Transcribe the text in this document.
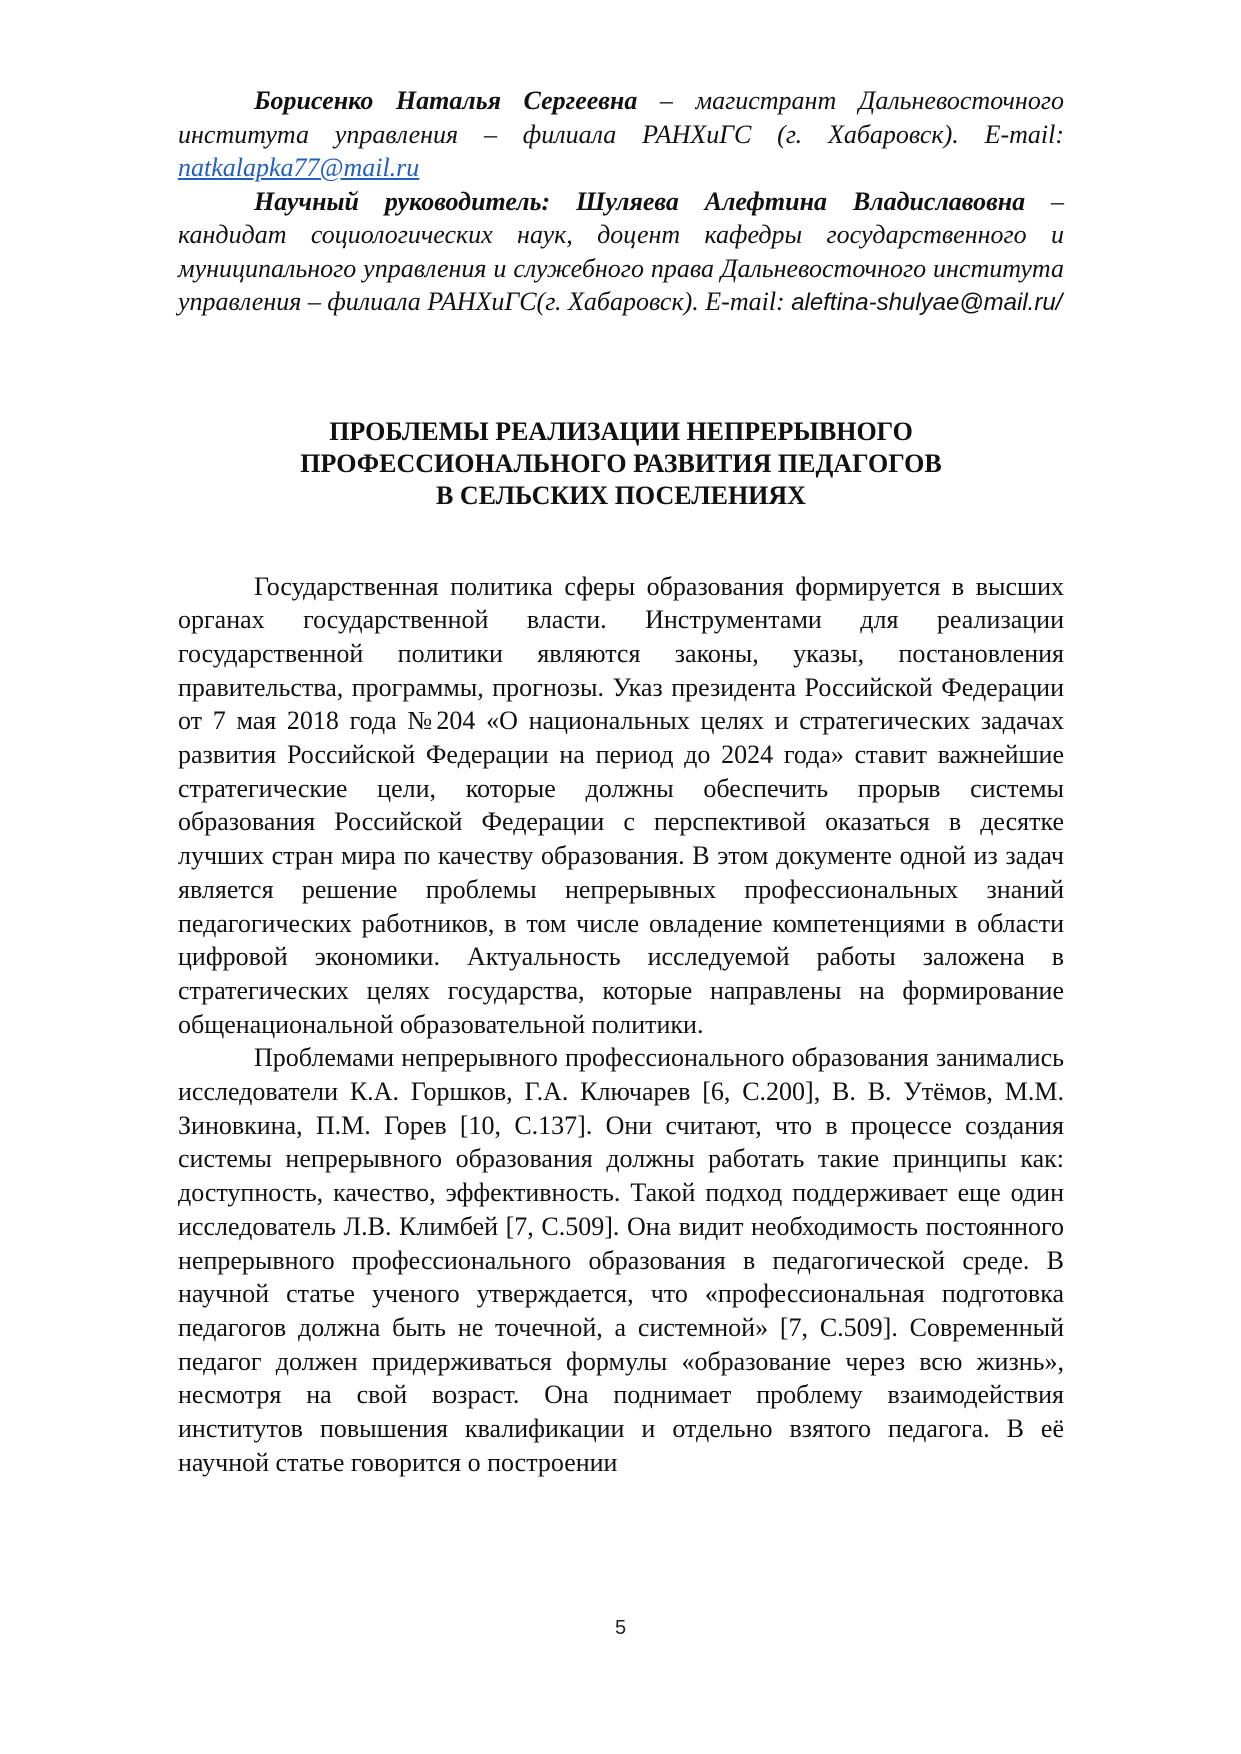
Борисенко Наталья Сергеевна – магистрант Дальневосточного института управления – филиала РАНХиГС (г. Хабаровск). E-mail: natkalapka77@mail.ru

Научный руководитель: Шуляева Алефтина Владиславовна – кандидат социологических наук, доцент кафедры государственного и муниципального управления и служебного права Дальневосточного института управления – филиала РАНХиГС(г. Хабаровск). E-mail: aleftina-shulyae@mail.ru/

ПРОБЛЕМЫ РЕАЛИЗАЦИИ НЕПРЕРЫВНОГО
ПРОФЕССИОНАЛЬНОГО РАЗВИТИЯ ПЕДАГОГОВ
В СЕЛЬСКИХ ПОСЕЛЕНИЯХ

Государственная политика сферы образования формируется в высших органах государственной власти. Инструментами для реализации государственной политики являются законы, указы, постановления правительства, программы, прогнозы. Указ президента Российской Федерации от 7 мая 2018 года №204 «О национальных целях и стратегических задачах развития Российской Федерации на период до 2024 года» ставит важнейшие стратегические цели, которые должны обеспечить прорыв системы образования Российской Федерации с перспективой оказаться в десятке лучших стран мира по качеству образования. В этом документе одной из задач является решение проблемы непрерывных профессиональных знаний педагогических работников, в том числе овладение компетенциями в области цифровой экономики. Актуальность исследуемой работы заложена в стратегических целях государства, которые направлены на формирование общенациональной образовательной политики.

Проблемами непрерывного профессионального образования занимались исследователи К.А. Горшков, Г.А. Ключарев [6, С.200], В. В. Утёмов, М.М. Зиновкина, П.М. Горев [10, С.137]. Они считают, что в процессе создания системы непрерывного образования должны работать такие принципы как: доступность, качество, эффективность. Такой подход поддерживает еще один исследователь Л.В. Климбей [7, С.509]. Она видит необходимость постоянного непрерывного профессионального образования в педагогической среде. В научной статье ученого утверждается, что «профессиональная подготовка педагогов должна быть не точечной, а системной» [7, С.509]. Современный педагог должен придерживаться формулы «образование через всю жизнь», несмотря на свой возраст. Она поднимает проблему взаимодействия институтов повышения квалификации и отдельно взятого педагога. В её научной статье говорится о построении

5
